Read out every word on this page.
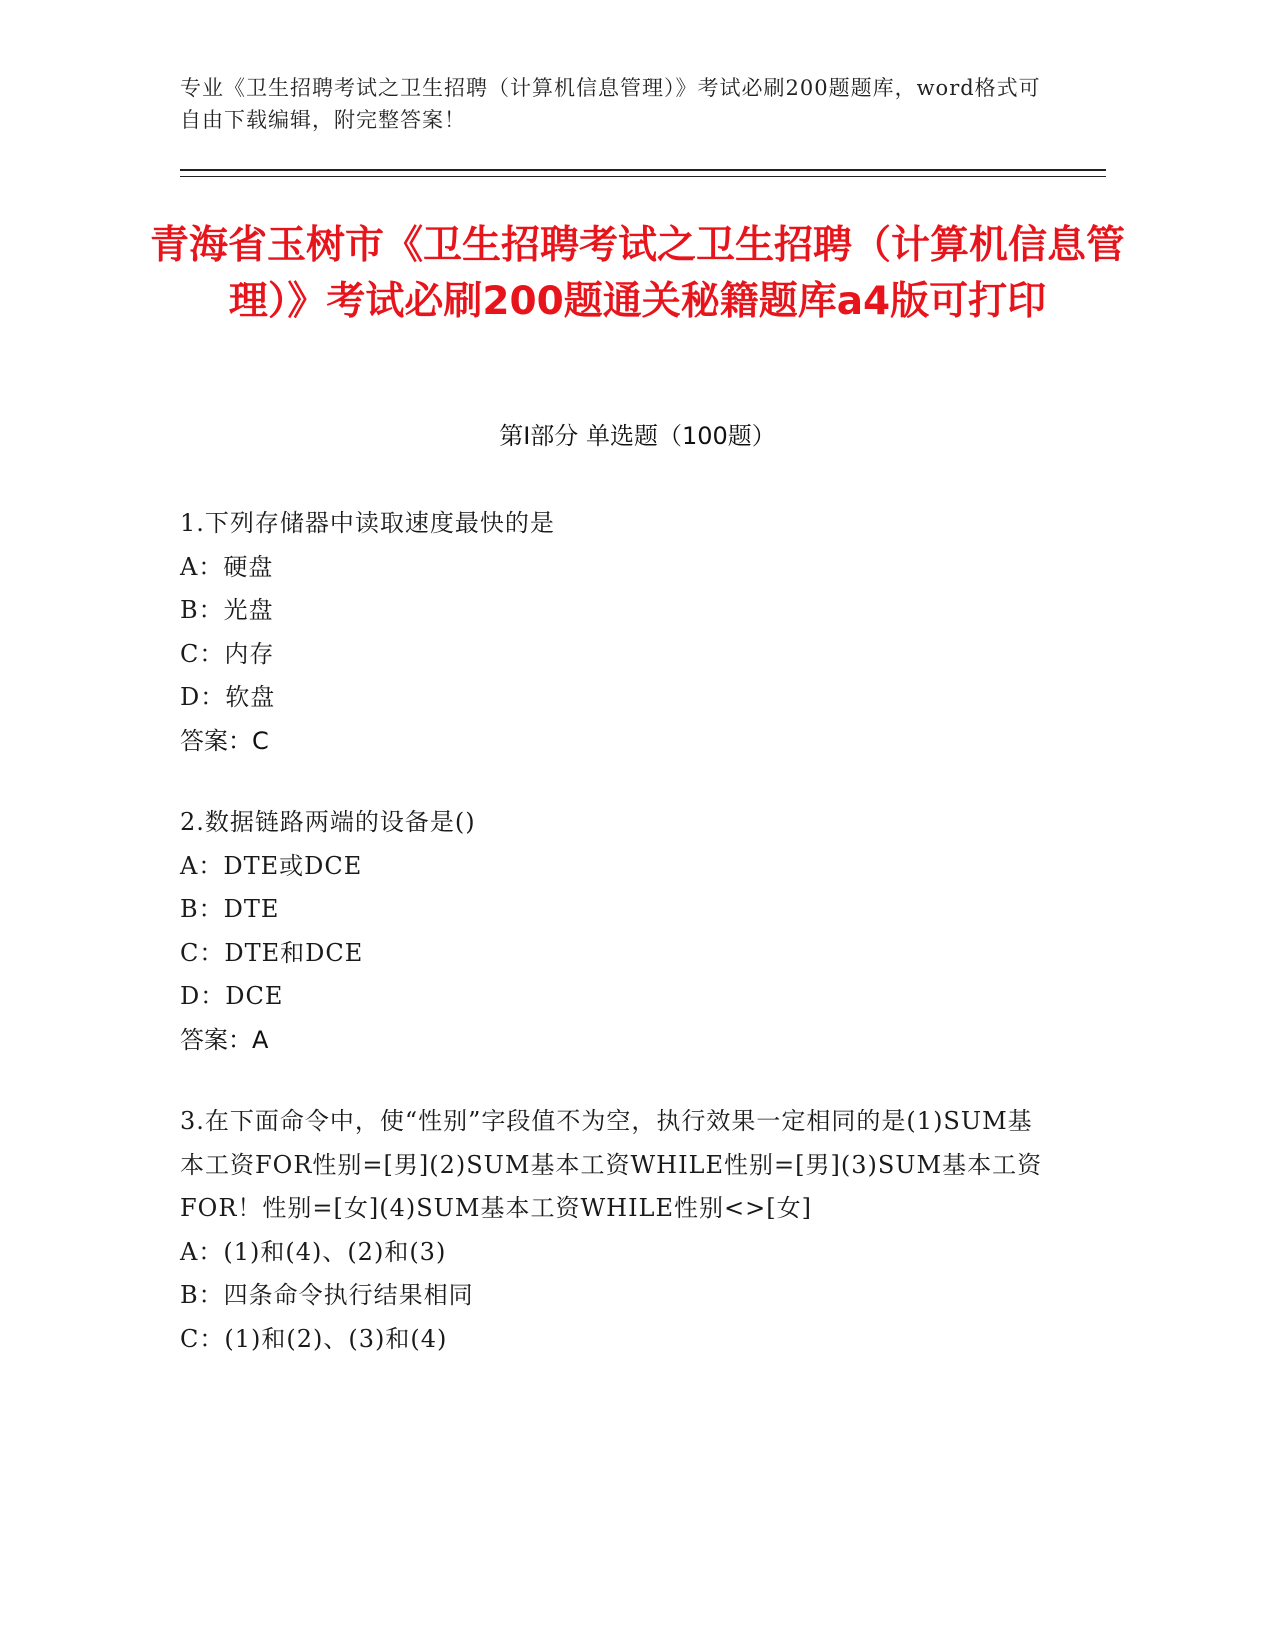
专业《卫生招聘考试之卫生招聘（计算机信息管理）》考试必刷200题题库，word格式可自由下载编辑，附完整答案！
青海省玉树市《卫生招聘考试之卫生招聘（计算机信息管理）》考试必刷200题通关秘籍题库a4版可打印
第Ⅰ部分 单选题（100题）
1.下列存储器中读取速度最快的是
A：硬盘
B：光盘
C：内存
D：软盘
答案：C
2.数据链路两端的设备是()
A：DTE或DCE
B：DTE
C：DTE和DCE
D：DCE
答案：A
3.在下面命令中，使“性别”字段值不为空，执行效果一定相同的是(1)SUM基本工资FOR性别=[男](2)SUM基本工资WHILE性别=[男](3)SUM基本工资FOR！性别=[女](4)SUM基本工资WHILE性别<>[女]
A：(1)和(4)、(2)和(3)
B：四条命令执行结果相同
C：(1)和(2)、(3)和(4)
